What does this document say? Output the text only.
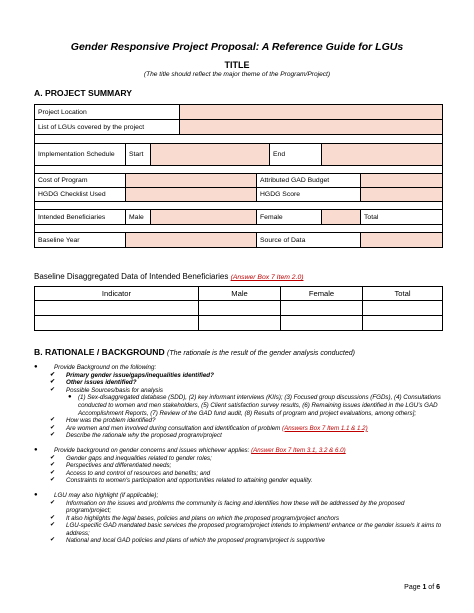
Gender Responsive Project Proposal: A Reference Guide for LGUs
TITLE
(The title should reflect the major theme of the Program/Project)
A. PROJECT SUMMARY
Project Location							
List of LGUs covered by the project							

Implementation Schedule	Start				End		

Cost of Program				Attributed GAD Budget			
HGDG Checklist Used				HGDG Score			

Intended Beneficiaries	Male			Female			Total

Baseline Year				Source of Data			
Baseline Disaggregated Data of Intended Beneficiaries (Answer Box 7 Item 2.0)
Indicator	Male	Female	Total

B. RATIONALE / BACKGROUND (The rationale is the result of the gender analysis conducted)
● Provide Background on the following:
✔ Primary gender issue/gaps/inequalities identified?
✔ Other issues identified?
✔ Possible Sources/basis for analysis
● (1) Sex-disaggregated database (SDD), (2) key informant interviews (KIIs); (3) Focused group discussions (FGDs), (4) Consultations conducted to women and men stakeholders, (5) Client satisfaction survey results, (6) Remaining issues identified in the LGU's GAD Accomplishment Reports, (7) Review of the GAD fund audit, (8) Results of program and project evaluations, among others];
✔ How was the problem identified?
✔ Are women and men involved during consultation and identification of problem (Answers Box 7 Item 1.1 & 1.2)
✔ Describe the rationale why the proposed program/project
● Provide background on gender concerns and issues whichever applies: (Answer Box 7 Item 3.1, 3.2 & 6.0)
✔ Gender gaps and inequalities related to gender roles;
✔ Perspectives and differentiated needs;
✔ Access to and control of resources and benefits; and
✔ Constraints to women's participation and opportunities related to attaining gender equality.
● LGU may also highlight (if applicable);
✔ Information on the issues and problems the community is facing and identifies how these will be addressed by the proposed program/project;
✔ It also highlights the legal bases, policies and plans on which the proposed program/project anchors
✔ LGU-specific GAD mandated basic services the proposed program/project intends to implement/ enhance or the gender issue/s it aims to address;
✔ National and local GAD policies and plans of which the proposed program/project is supportive
Page 1 of 6
